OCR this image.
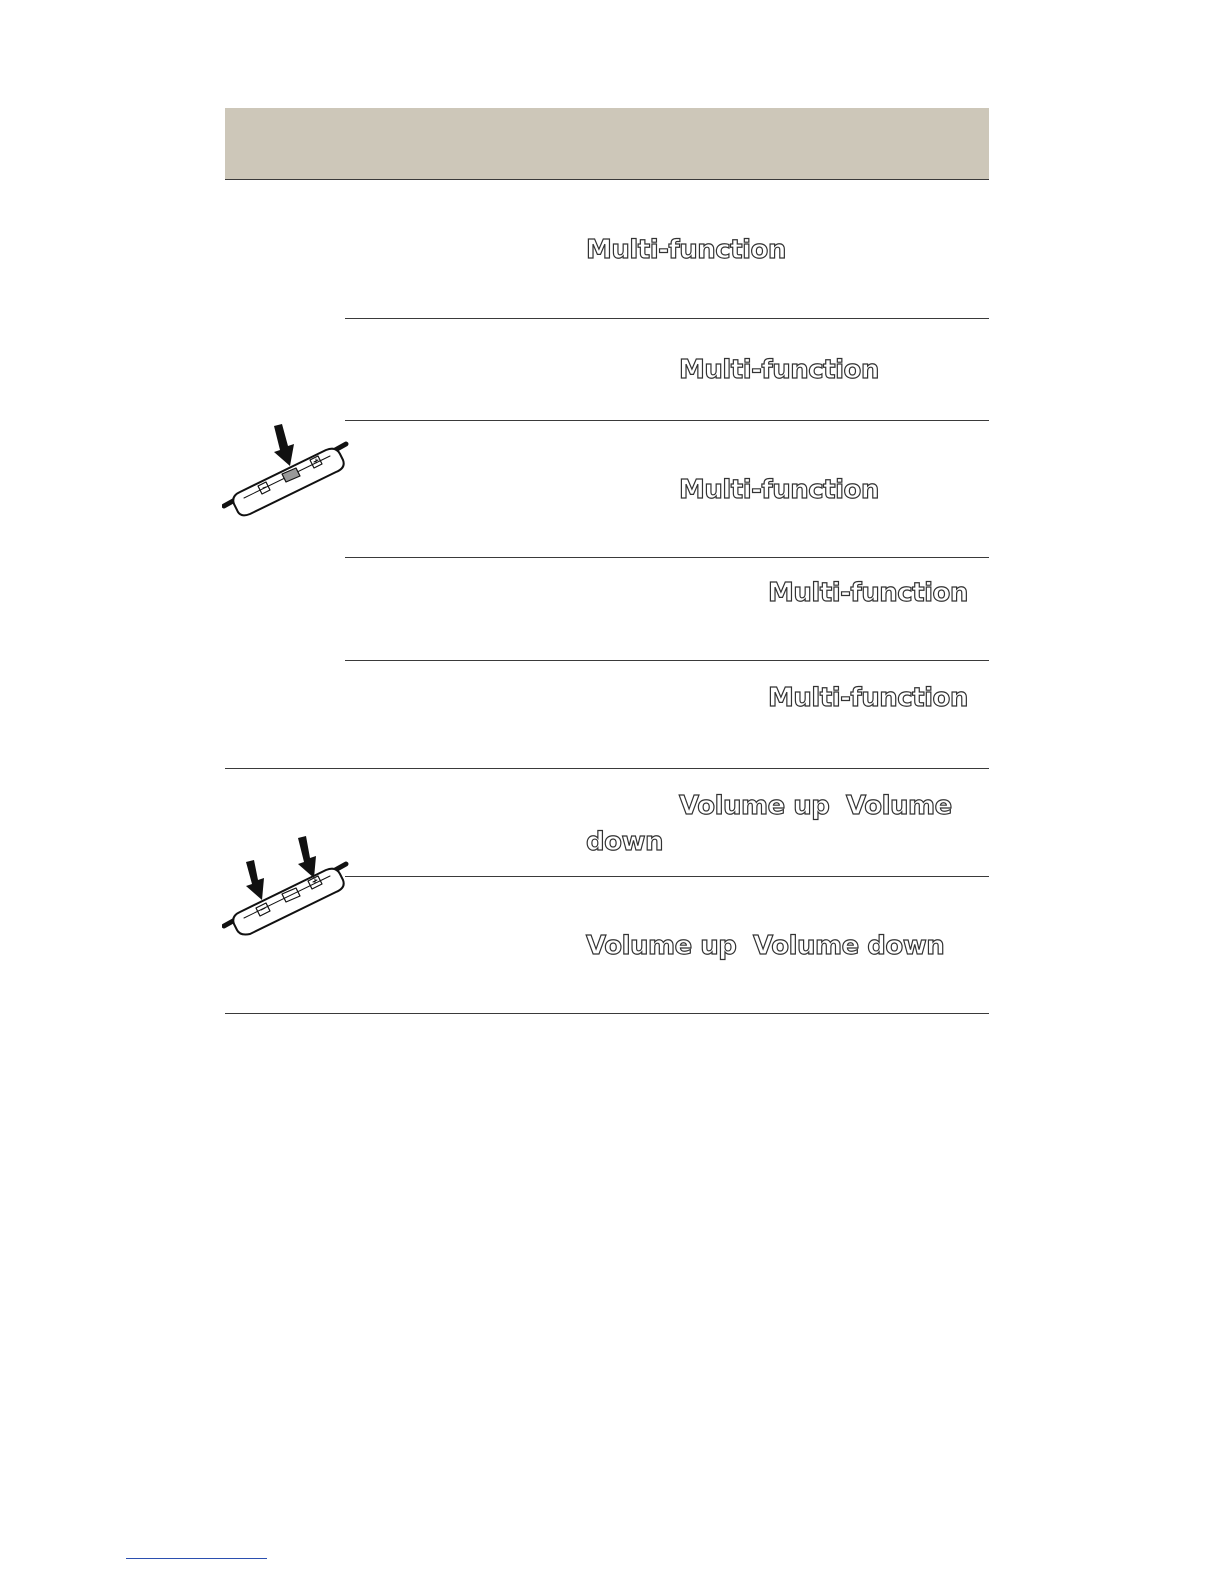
Multi-function
Multi-function
Multi-function
Multi-function
Multi-function
Volume up Volume
down
Volume up Volume down
